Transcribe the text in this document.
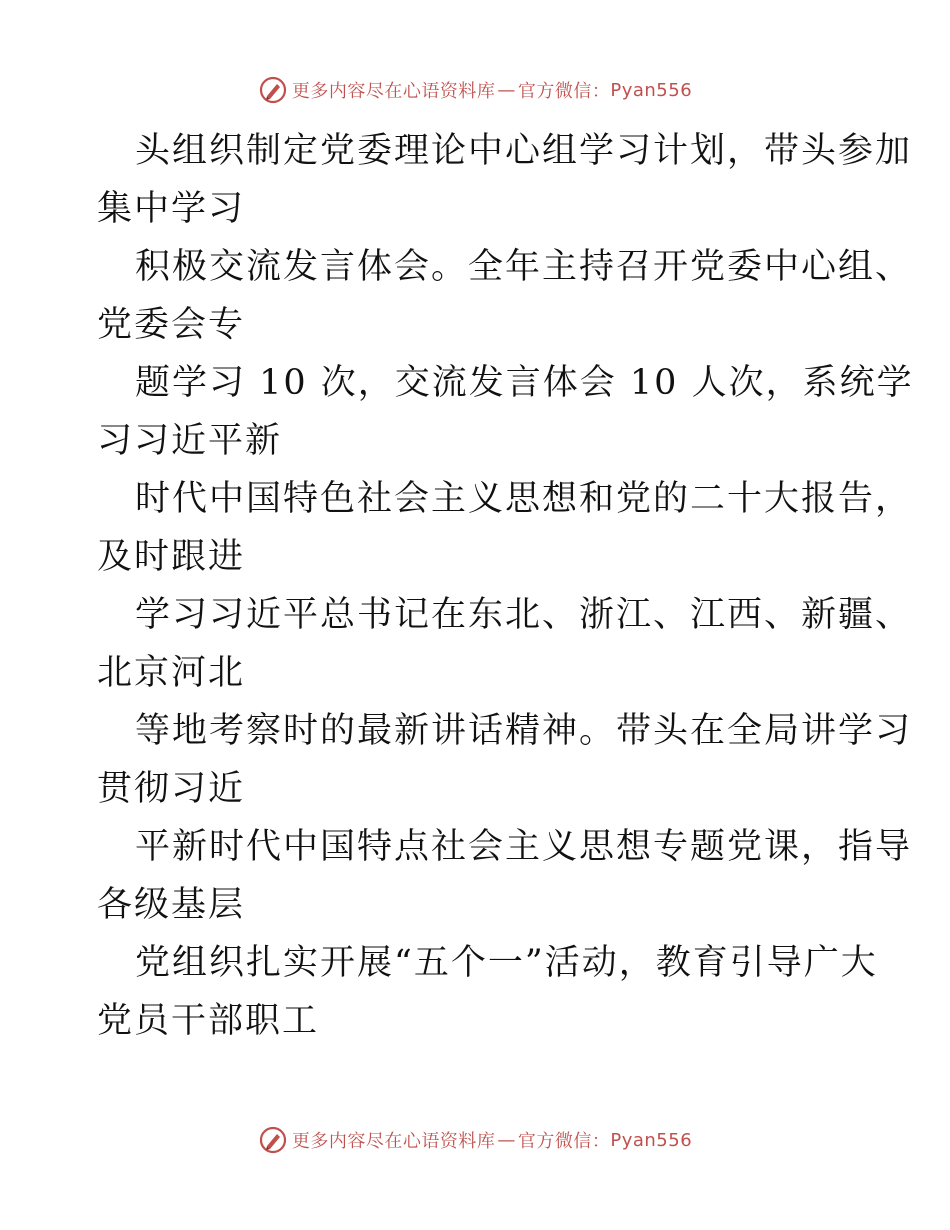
更多内容尽在心语资料库 — 官方微信： Pyan556
头组织制定党委理论中心组学习计划，带头参加
集中学习
积极交流发言体会。全年主持召开党委中心组、
党委会专
题学习 10 次，交流发言体会 10 人次，系统学
习习近平新
时代中国特色社会主义思想和党的二十大报告，
及时跟进
学习习近平总书记在东北、浙江、江西、新疆、
北京河北
等地考察时的最新讲话精神。带头在全局讲学习
贯彻习近
平新时代中国特点社会主义思想专题党课，指导
各级基层
党组织扎实开展“五个一”活动，教育引导广大
党员干部职工
更多内容尽在心语资料库 — 官方微信： Pyan556
